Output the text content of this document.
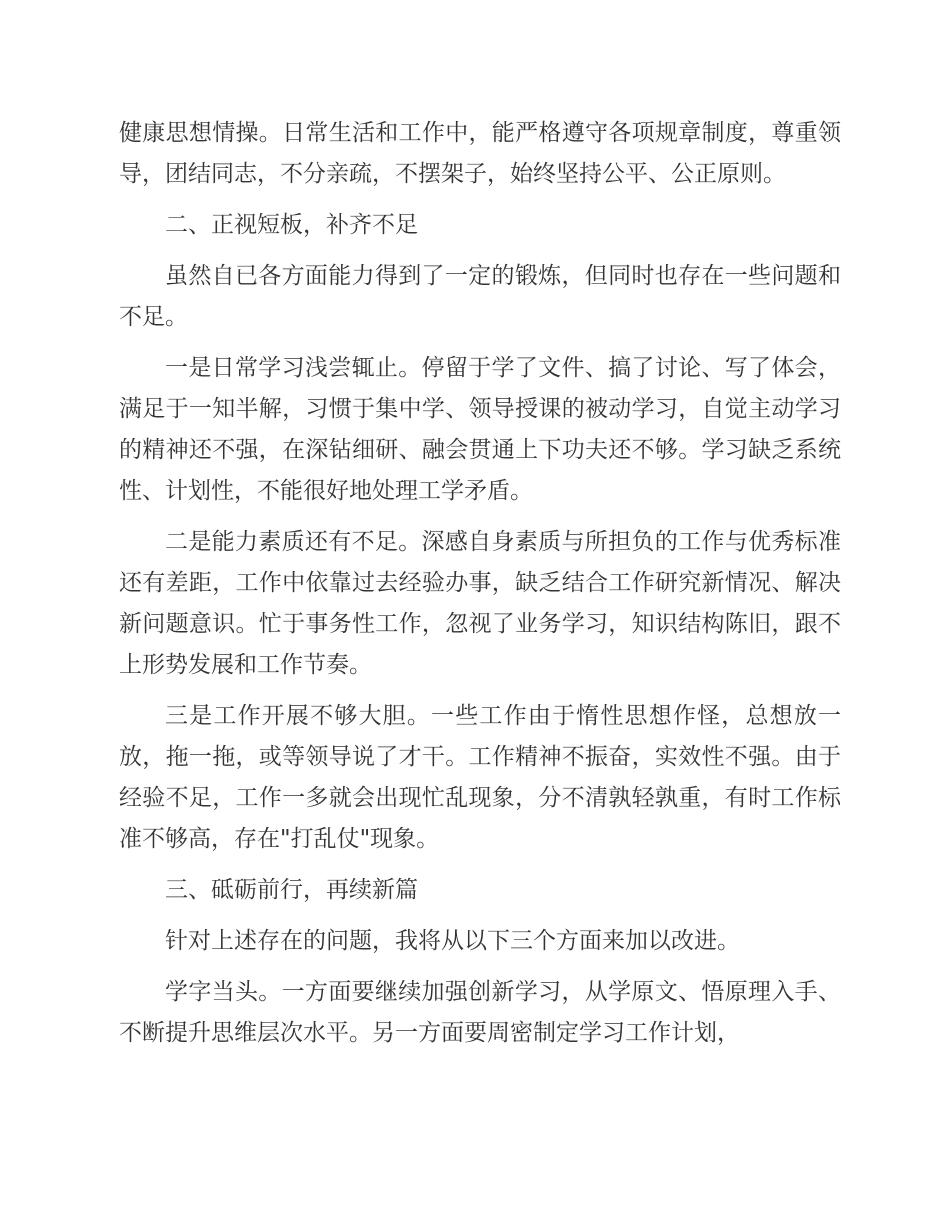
健康思想情操。日常生活和工作中，能严格遵守各项规章制度，尊重领导，团结同志，不分亲疏，不摆架子，始终坚持公平、公正原则。

二、正视短板，补齐不足

虽然自已各方面能力得到了一定的锻炼，但同时也存在一些问题和不足。

一是日常学习浅尝辄止。停留于学了文件、搞了讨论、写了体会，满足于一知半解，习惯于集中学、领导授课的被动学习，自觉主动学习的精神还不强，在深钻细研、融会贯通上下功夫还不够。学习缺乏系统性、计划性，不能很好地处理工学矛盾。

二是能力素质还有不足。深感自身素质与所担负的工作与优秀标准还有差距，工作中依靠过去经验办事，缺乏结合工作研究新情况、解决新问题意识。忙于事务性工作，忽视了业务学习，知识结构陈旧，跟不上形势发展和工作节奏。

三是工作开展不够大胆。一些工作由于惰性思想作怪，总想放一放，拖一拖，或等领导说了才干。工作精神不振奋，实效性不强。由于经验不足，工作一多就会出现忙乱现象，分不清孰轻孰重，有时工作标准不够高，存在"打乱仗"现象。

三、砥砺前行，再续新篇

针对上述存在的问题，我将从以下三个方面来加以改进。

学字当头。一方面要继续加强创新学习，从学原文、悟原理入手、不断提升思维层次水平。另一方面要周密制定学习工作计划，
